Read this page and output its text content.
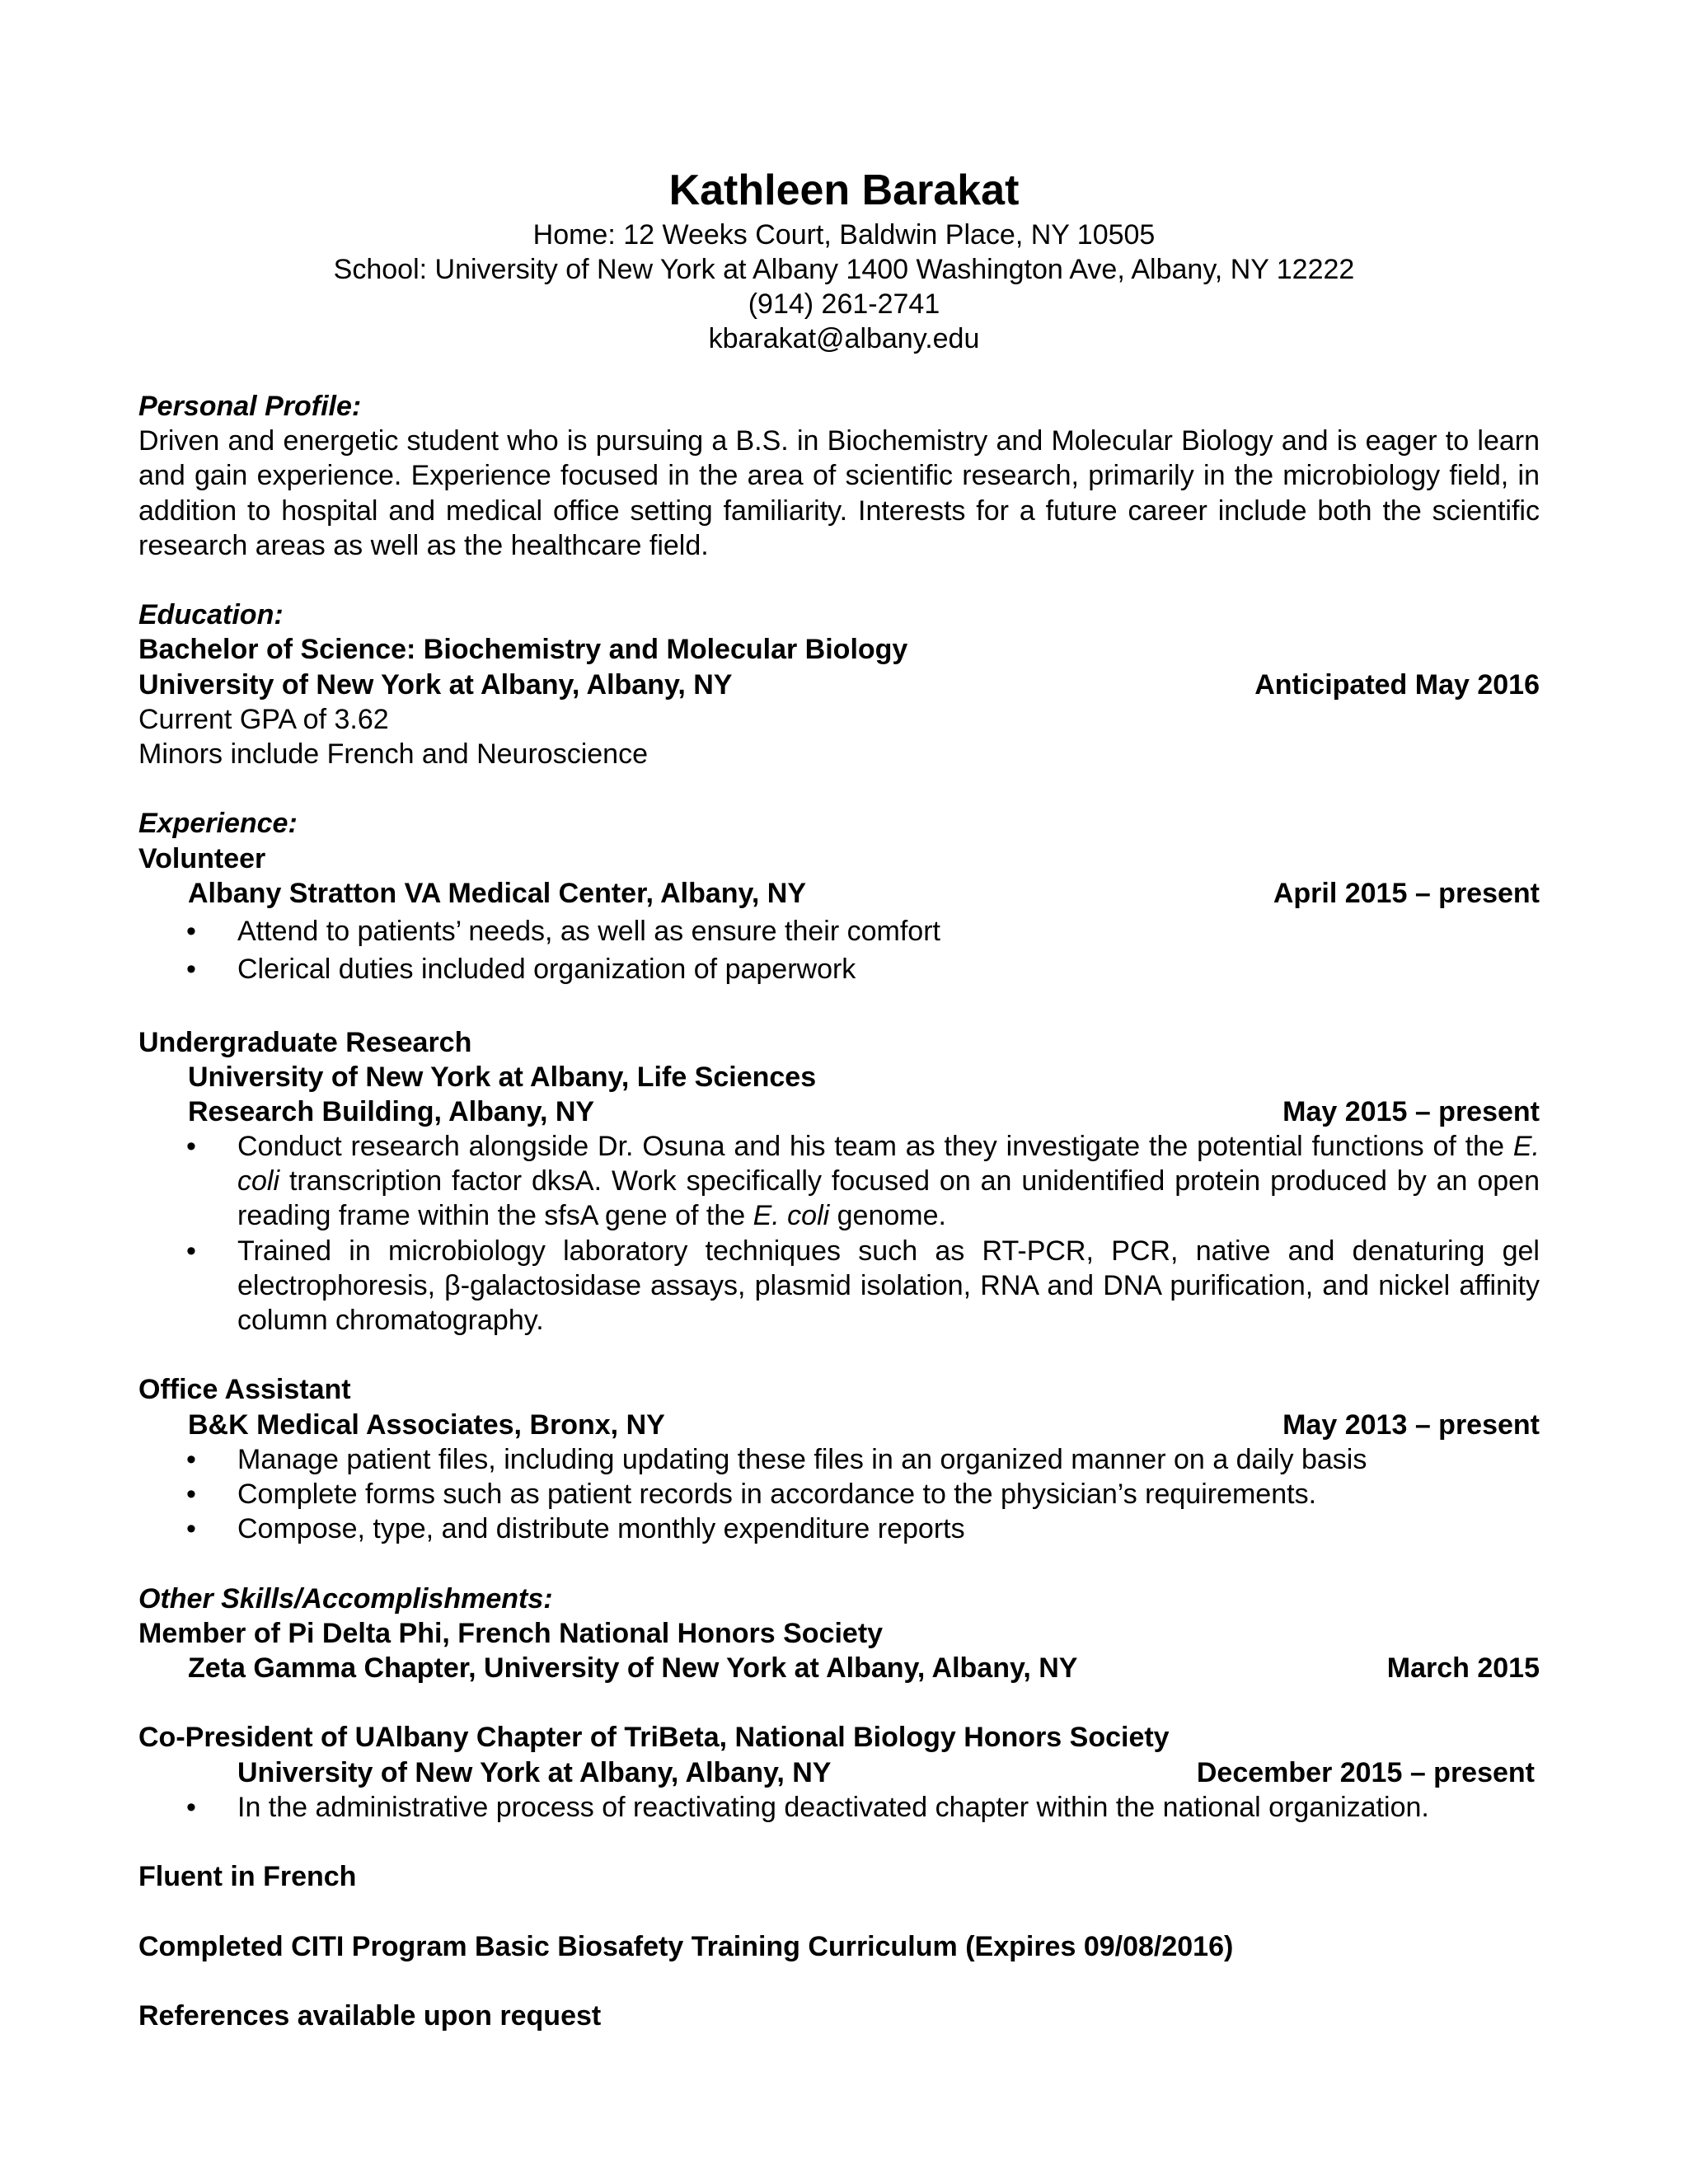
Kathleen Barakat
Home: 12 Weeks Court, Baldwin Place, NY 10505
School: University of New York at Albany 1400 Washington Ave, Albany, NY 12222
(914) 261-2741
kbarakat@albany.edu
Personal Profile:
Driven and energetic student who is pursuing a B.S. in Biochemistry and Molecular Biology and is eager to learn and gain experience. Experience focused in the area of scientific research, primarily in the microbiology field, in addition to hospital and medical office setting familiarity. Interests for a future career include both the scientific research areas as well as the healthcare field.
Education:
Bachelor of Science: Biochemistry and Molecular Biology
University of New York at Albany, Albany, NY	Anticipated May 2016
Current GPA of 3.62
Minors include French and Neuroscience
Experience:
Volunteer
Albany Stratton VA Medical Center, Albany, NY	April 2015 – present
• Attend to patients’ needs, as well as ensure their comfort
• Clerical duties included organization of paperwork
Undergraduate Research
University of New York at Albany, Life Sciences
Research Building, Albany, NY	May 2015 – present
• Conduct research alongside Dr. Osuna and his team as they investigate the potential functions of the E. coli transcription factor dksA. Work specifically focused on an unidentified protein produced by an open reading frame within the sfsA gene of the E. coli genome.
• Trained in microbiology laboratory techniques such as RT-PCR, PCR, native and denaturing gel electrophoresis, β-galactosidase assays, plasmid isolation, RNA and DNA purification, and nickel affinity column chromatography.
Office Assistant
B&K Medical Associates, Bronx, NY	May 2013 – present
• Manage patient files, including updating these files in an organized manner on a daily basis
• Complete forms such as patient records in accordance to the physician’s requirements.
• Compose, type, and distribute monthly expenditure reports
Other Skills/Accomplishments:
Member of Pi Delta Phi, French National Honors Society
Zeta Gamma Chapter, University of New York at Albany, Albany, NY	March 2015
Co-President of UAlbany Chapter of TriBeta, National Biology Honors Society
University of New York at Albany, Albany, NY	December 2015 – present
• In the administrative process of reactivating deactivated chapter within the national organization.
Fluent in French
Completed CITI Program Basic Biosafety Training Curriculum (Expires 09/08/2016)
References available upon request
